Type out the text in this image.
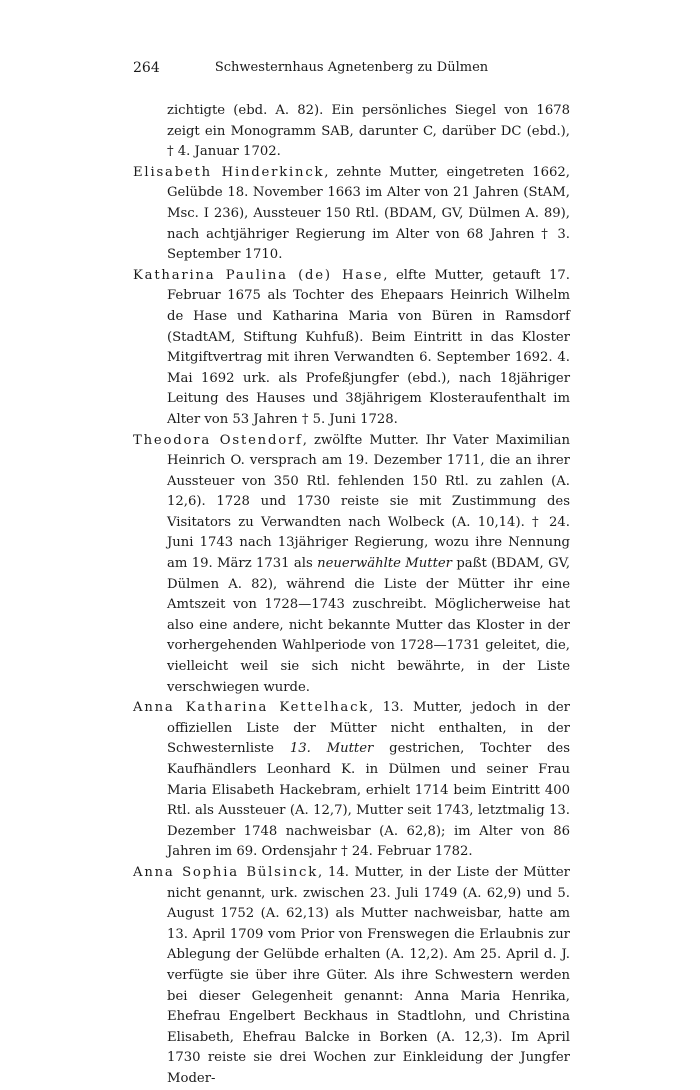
264	Schwesternhaus Agnetenberg zu Dülmen

zichtigte (ebd. A. 82). Ein persönliches Siegel von 1678 zeigt ein Monogramm SAB, darunter C, darüber DC (ebd.), † 4. Januar 1702.

Elisabeth Hinderkinck, zehnte Mutter, eingetreten 1662, Gelübde 18. November 1663 im Alter von 21 Jahren (StAM, Msc. I 236), Aussteuer 150 Rtl. (BDAM, GV, Dülmen A. 89), nach achtjähriger Regierung im Alter von 68 Jahren † 3. September 1710.

Katharina Paulina (de) Hase, elfte Mutter, getauft 17. Februar 1675 als Tochter des Ehepaars Heinrich Wilhelm de Hase und Katharina Maria von Büren in Ramsdorf (StadtAM, Stiftung Kuhfuß). Beim Eintritt in das Kloster Mitgiftvertrag mit ihren Verwandten 6. September 1692. 4. Mai 1692 urk. als Profeßjungfer (ebd.), nach 18jähriger Leitung des Hauses und 38jährigem Klosteraufenthalt im Alter von 53 Jahren † 5. Juni 1728.

Theodora Ostendorf, zwölfte Mutter. Ihr Vater Maximilian Heinrich O. versprach am 19. Dezember 1711, die an ihrer Aussteuer von 350 Rtl. fehlenden 150 Rtl. zu zahlen (A. 12,6). 1728 und 1730 reiste sie mit Zustimmung des Visitators zu Verwandten nach Wolbeck (A. 10,14). † 24. Juni 1743 nach 13jähriger Regierung, wozu ihre Nennung am 19. März 1731 als neuerwählte Mutter paßt (BDAM, GV, Dülmen A. 82), während die Liste der Mütter ihr eine Amtszeit von 1728—1743 zuschreibt. Möglicherweise hat also eine andere, nicht bekannte Mutter das Kloster in der vorhergehenden Wahlperiode von 1728—1731 geleitet, die, vielleicht weil sie sich nicht bewährte, in der Liste verschwiegen wurde.

Anna Katharina Kettelhack, 13. Mutter, jedoch in der offiziellen Liste der Mütter nicht enthalten, in der Schwesternliste 13. Mutter gestrichen, Tochter des Kaufhändlers Leonhard K. in Dülmen und seiner Frau Maria Elisabeth Hackebram, erhielt 1714 beim Eintritt 400 Rtl. als Aussteuer (A. 12,7), Mutter seit 1743, letztmalig 13. Dezember 1748 nachweisbar (A. 62,8); im Alter von 86 Jahren im 69. Ordensjahr † 24. Februar 1782.

Anna Sophia Bülsinck, 14. Mutter, in der Liste der Mütter nicht genannt, urk. zwischen 23. Juli 1749 (A. 62,9) und 5. August 1752 (A. 62,13) als Mutter nachweisbar, hatte am 13. April 1709 vom Prior von Frenswegen die Erlaubnis zur Ablegung der Gelübde erhalten (A. 12,2). Am 25. April d. J. verfügte sie über ihre Güter. Als ihre Schwestern werden bei dieser Gelegenheit genannt: Anna Maria Henrika, Ehefrau Engelbert Beckhaus in Stadtlohn, und Christina Elisabeth, Ehefrau Balcke in Borken (A. 12,3). Im April 1730 reiste sie drei Wochen zur Einkleidung der Jungfer Moder-
